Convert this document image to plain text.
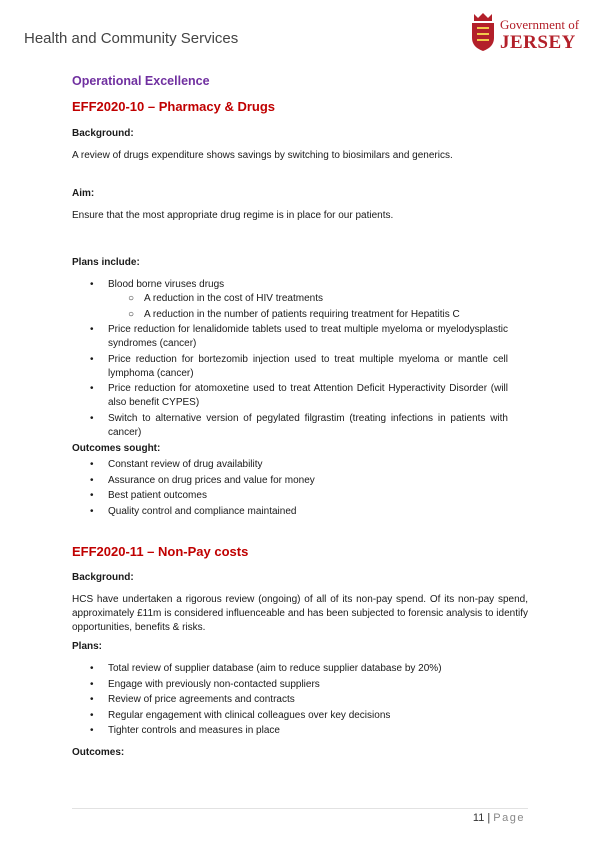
Health and Community Services
Government of
JERSEY
Operational Excellence
EFF2020-10 – Pharmacy & Drugs
Background:
A review of drugs expenditure shows savings by switching to biosimilars and generics.
Aim:
Ensure that the most appropriate drug regime is in place for our patients.
Plans include:
• Blood borne viruses drugs
○ A reduction in the cost of HIV treatments
○ A reduction in the number of patients requiring treatment for Hepatitis C
• Price reduction for lenalidomide tablets used to treat multiple myeloma or myelodysplastic syndromes (cancer)
• Price reduction for bortezomib injection used to treat multiple myeloma or mantle cell lymphoma (cancer)
• Price reduction for atomoxetine used to treat Attention Deficit Hyperactivity Disorder (will also benefit CYPES)
• Switch to alternative version of pegylated filgrastim (treating infections in patients with cancer)
Outcomes sought:
• Constant review of drug availability
• Assurance on drug prices and value for money
• Best patient outcomes
• Quality control and compliance maintained
EFF2020-11 – Non-Pay costs
Background:
HCS have undertaken a rigorous review (ongoing) of all of its non-pay spend. Of its non-pay spend, approximately £11m is considered influenceable and has been subjected to forensic analysis to identify opportunities, benefits & risks.
Plans:
• Total review of supplier database (aim to reduce supplier database by 20%)
• Engage with previously non-contacted suppliers
• Review of price agreements and contracts
• Regular engagement with clinical colleagues over key decisions
• Tighter controls and measures in place
Outcomes:
11 | Page
